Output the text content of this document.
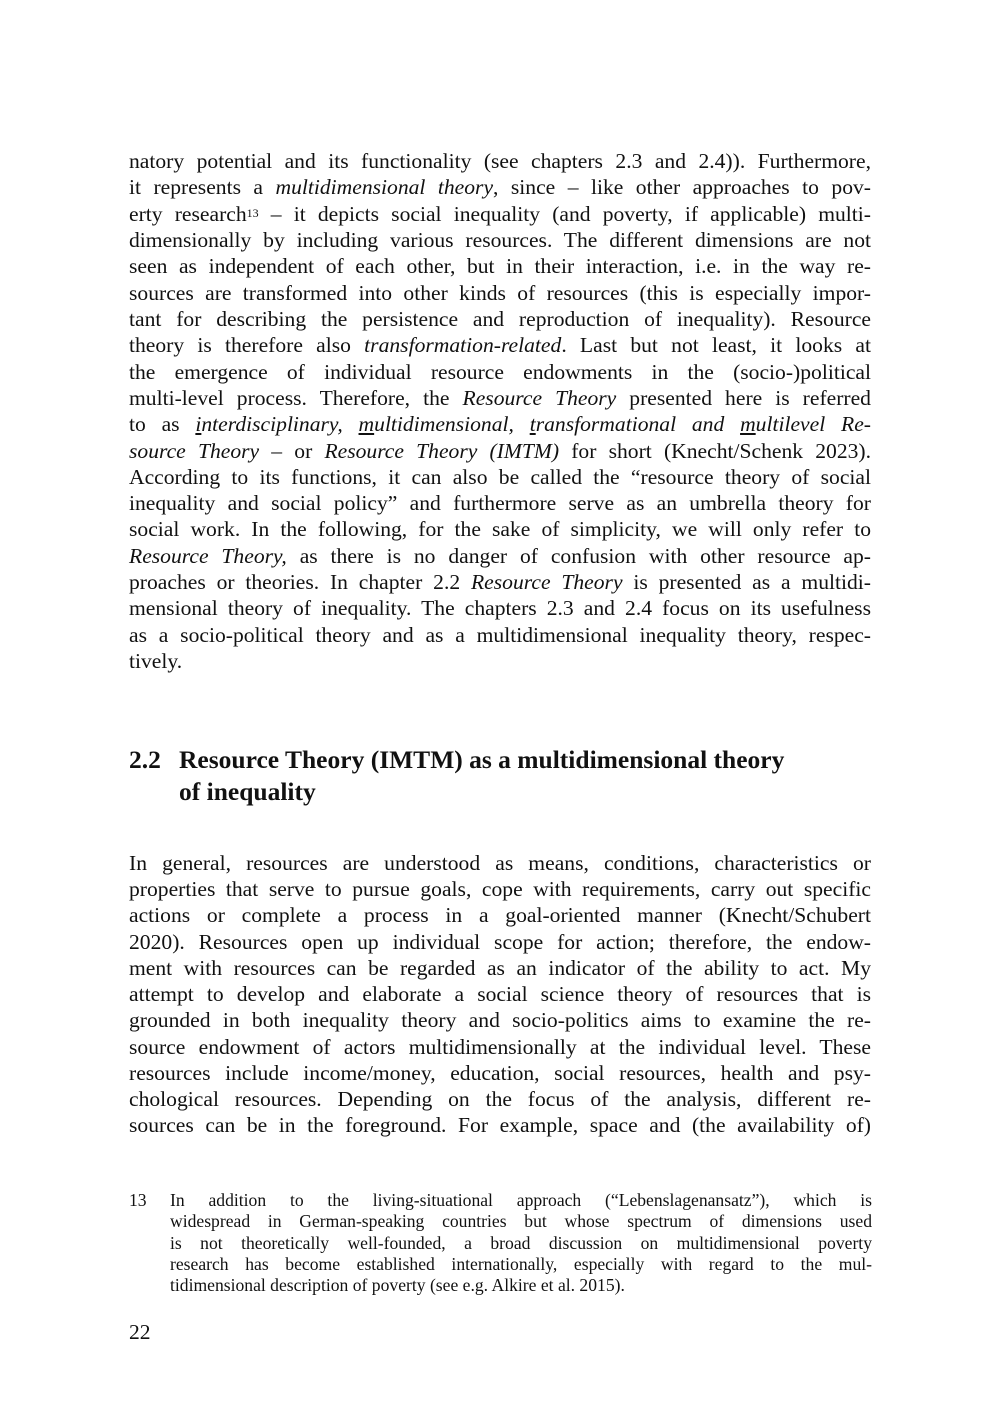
natory potential and its functionality (see chapters 2.3 and 2.4)). Furthermore,
it represents a multidimensional theory, since – like other approaches to pov-
erty research$^{13}$ – it depicts social inequality (and poverty, if applicable) multi-
dimensionally by including various resources. The different dimensions are not
seen as independent of each other, but in their interaction, i.e. in the way re-
sources are transformed into other kinds of resources (this is especially impor-
tant for describing the persistence and reproduction of inequality). Resource
theory is therefore also transformation-related. Last but not least, it looks at
the emergence of individual resource endowments in the (socio-)political
multi-level process. Therefore, the Resource Theory presented here is referred
to as interdisciplinary, multidimensional, transformational and multilevel Re-
source Theory – or Resource Theory (IMTM) for short (Knecht/Schenk 2023).
According to its functions, it can also be called the “resource theory of social
inequality and social policy” and furthermore serve as an umbrella theory for
social work. In the following, for the sake of simplicity, we will only refer to
Resource Theory, as there is no danger of confusion with other resource ap-
proaches or theories. In chapter 2.2 Resource Theory is presented as a multidi-
mensional theory of inequality. The chapters 2.3 and 2.4 focus on its usefulness
as a socio-political theory and as a multidimensional inequality theory, respec-
tively.
2.2 Resource Theory (IMTM) as a multidimensional theory
of inequality
In general, resources are understood as means, conditions, characteristics or
properties that serve to pursue goals, cope with requirements, carry out specific
actions or complete a process in a goal-oriented manner (Knecht/Schubert
2020). Resources open up individual scope for action; therefore, the endow-
ment with resources can be regarded as an indicator of the ability to act. My
attempt to develop and elaborate a social science theory of resources that is
grounded in both inequality theory and socio-politics aims to examine the re-
source endowment of actors multidimensionally at the individual level. These
resources include income/money, education, social resources, health and psy-
chological resources. Depending on the focus of the analysis, different re-
sources can be in the foreground. For example, space and (the availability of)
13 In addition to the living-situational approach (“Lebenslagenansatz”), which is
widespread in German-speaking countries but whose spectrum of dimensions used
is not theoretically well-founded, a broad discussion on multidimensional poverty
research has become established internationally, especially with regard to the mul-
tidimensional description of poverty (see e.g. Alkire et al. 2015).
22
